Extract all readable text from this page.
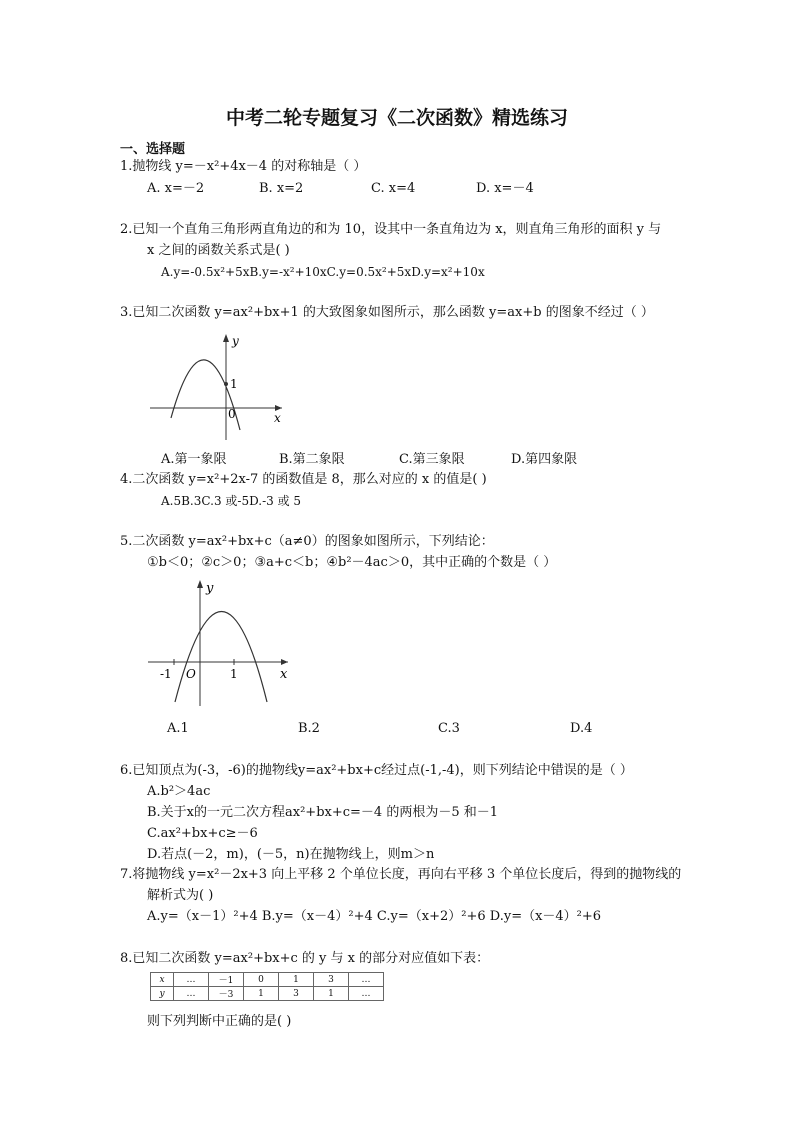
中考二轮专题复习《二次函数》精选练习
一、选择题
1.抛物线 y=－x²+4x－4 的对称轴是（ ）
A. x=－2	B. x=2	C. x=4	D. x=－4
2.已知一个直角三角形两直角边的和为 10，设其中一条直角边为 x，则直角三角形的面积 y 与
x 之间的函数关系式是( )
A.y=-0.5x²+5xB.y=-x²+10xC.y=0.5x²+5xD.y=x²+10x
3.已知二次函数 y=ax²+bx+1 的大致图象如图所示，那么函数 y=ax+b 的图象不经过（ ）
y
x
1
0
A.第一象限	B.第二象限	C.第三象限	D.第四象限
4.二次函数 y=x²+2x-7 的函数值是 8，那么对应的 x 的值是( )
A.5B.3C.3 或-5D.-3 或 5
5.二次函数 y=ax²+bx+c（a≠0）的图象如图所示，下列结论：
①b＜0；②c＞0；③a+c＜b；④b²－4ac＞0，其中正确的个数是（ ）
y
x
-1 O	1
A.1	B.2	C.3	D.4
6.已知顶点为(-3，-6)的抛物线y=ax²+bx+c经过点(-1,-4)，则下列结论中错误的是（ ）
A.b²＞4ac
B.关于x的一元二次方程ax²+bx+c=－4 的两根为－5 和－1
C.ax²+bx+c≥－6
D.若点(－2，m)，(－5，n)在抛物线上，则m＞n
7.将抛物线 y=x²－2x+3 向上平移 2 个单位长度，再向右平移 3 个单位长度后，得到的抛物线的
解析式为( )
A.y=（x－1）²+4 B.y=（x－4）²+4 C.y=（x+2）²+6 D.y=（x－4）²+6
8.已知二次函数 y=ax²+bx+c 的 y 与 x 的部分对应值如下表：
x	…	－1	0	1	3	…
y	…	－3	1	3	1	…
则下列判断中正确的是( )
